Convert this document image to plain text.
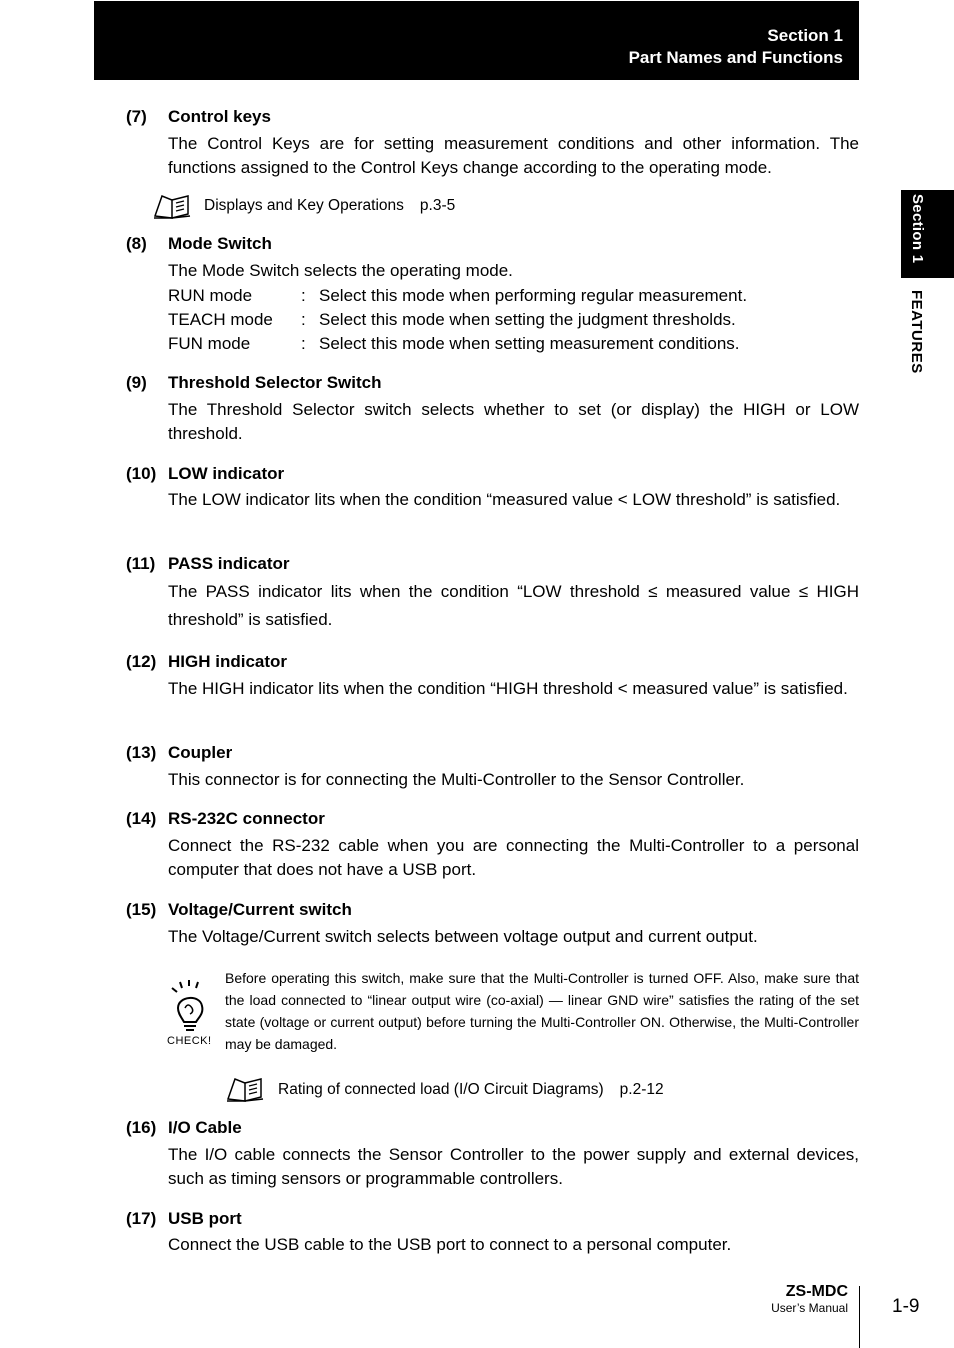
Section 1
Part Names and Functions
Section 1
FEATURES
(7) Control keys
The Control Keys are for setting measurement conditions and other information. The functions assigned to the Control Keys change according to the operating mode.
Displays and Key Operations p.3-5
(8) Mode Switch
The Mode Switch selects the operating mode.
RUN mode	: Select this mode when performing regular measurement.
TEACH mode : Select this mode when setting the judgment thresholds.
FUN mode	: Select this mode when setting measurement conditions.
(9) Threshold Selector Switch
The Threshold Selector switch selects whether to set (or display) the HIGH or LOW threshold.
(10) LOW indicator
The LOW indicator lits when the condition “measured value < LOW threshold” is satisfied.
(11) PASS indicator
The PASS indicator lits when the condition “LOW threshold ≤ measured value ≤ HIGH threshold” is satisfied.
(12) HIGH indicator
The HIGH indicator lits when the condition “HIGH threshold < measured value” is satisfied.
(13) Coupler
This connector is for connecting the Multi-Controller to the Sensor Controller.
(14) RS-232C connector
Connect the RS-232 cable when you are connecting the Multi-Controller to a personal computer that does not have a USB port.
(15) Voltage/Current switch
The Voltage/Current switch selects between voltage output and current output.
CHECK!
Before operating this switch, make sure that the Multi-Controller is turned OFF. Also, make sure that the load connected to “linear output wire (co-axial) — linear GND wire” satisfies the rating of the set state (voltage or current output) before turning the Multi-Controller ON. Otherwise, the Multi-Controller may be damaged.
Rating of connected load (I/O Circuit Diagrams) p.2-12
(16) I/O Cable
The I/O cable connects the Sensor Controller to the power supply and external devices, such as timing sensors or programmable controllers.
(17) USB port
Connect the USB cable to the USB port to connect to a personal computer.
ZS-MDC
User’s Manual 1-9
